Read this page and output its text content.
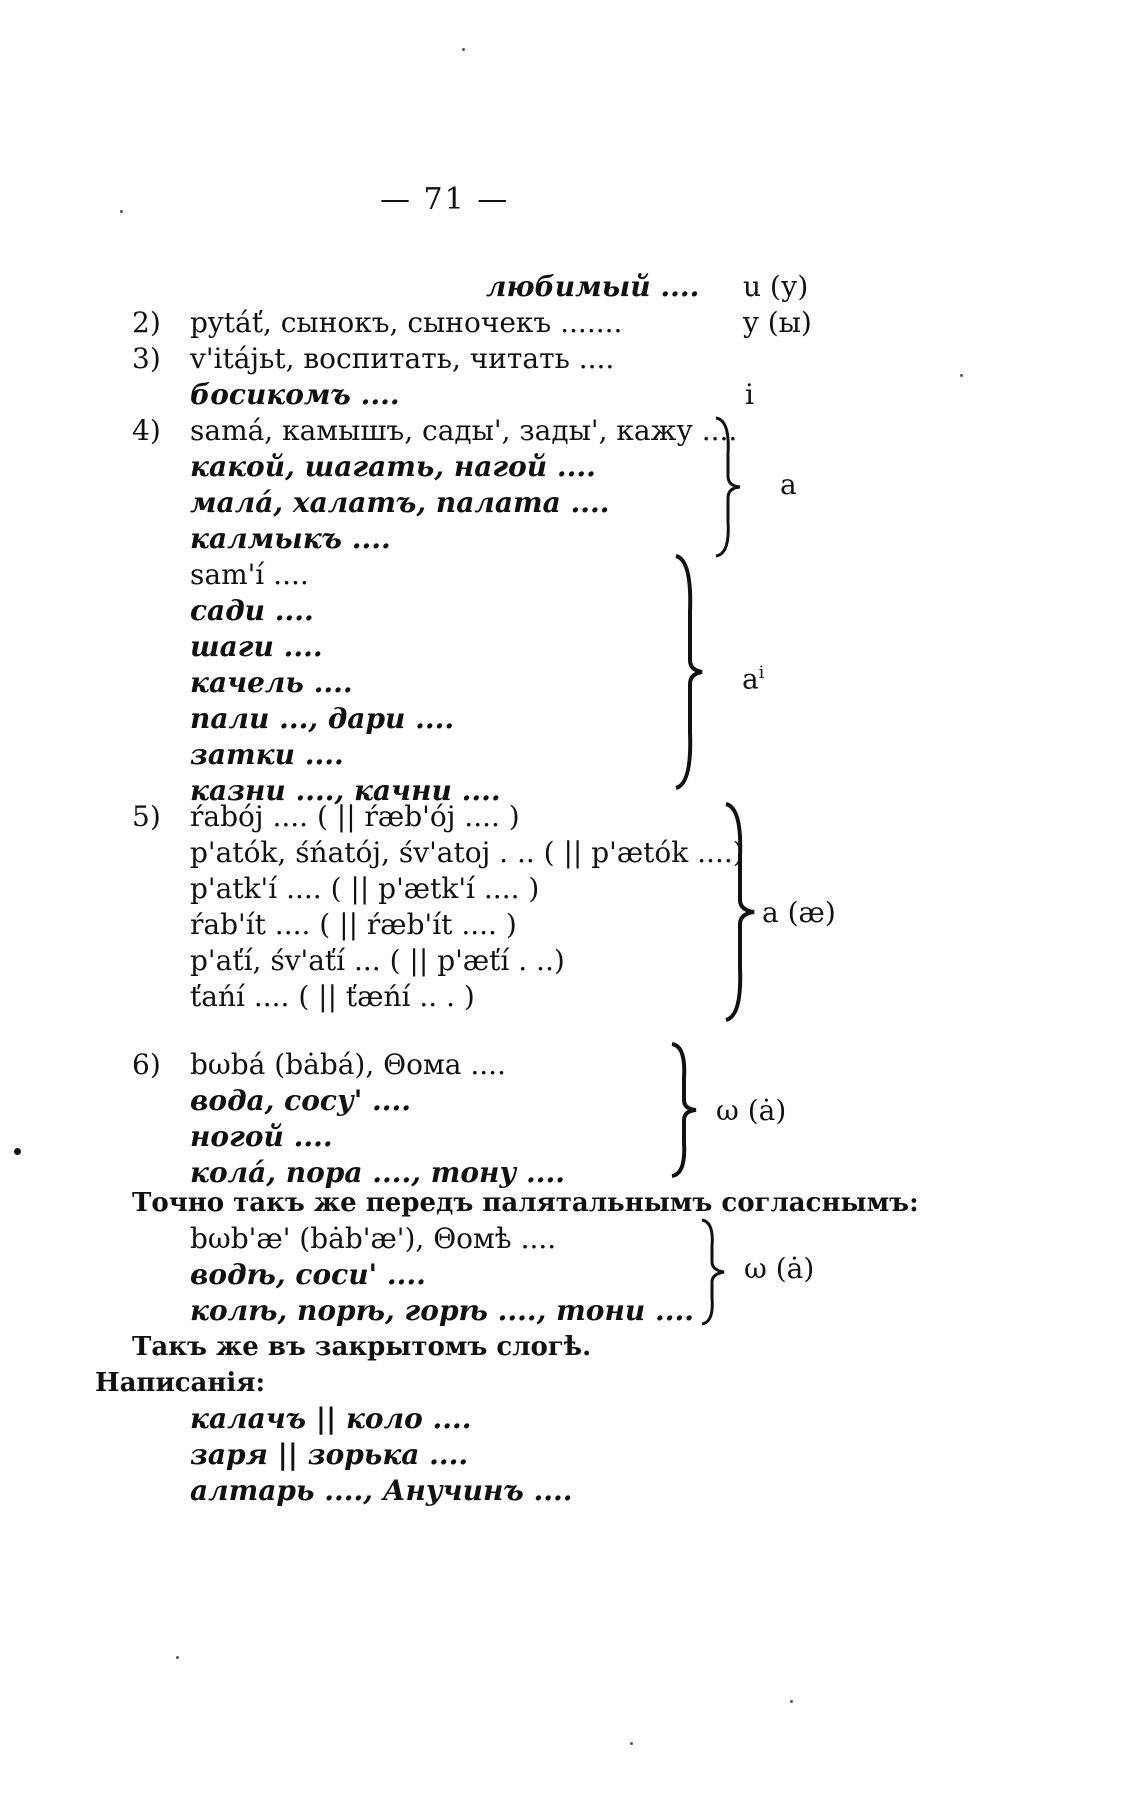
— 71 —
любимый .... u (у)
2) pytáť, сынокъ, сыночекъ .......	y (ы)
3) v'itájьt, воспитать, читать ....
босикомъ ....	i
4) samá, камышъ, сады', зады', кажу ....
какой, шагать, нагой ....
малá, халатъ, палата ....
калмыкъ ....
a
sam'í ....
сади ....
шаги ....
качель ....
пали ..., дари ....
затки ....
казни ...., качни ....
$a^i$
5) ŕabój .... ( || ŕæb'ój .... )
p'atók, śńatój, śv'atoj . .. ( || p'ætók ....)
p'atk'í .... ( || p'ætk'í .... )
ŕab'ít .... ( || ŕæb'ít .... )
p'aťí, śv'aťí ... ( || p'æťí . ..)
ťańí .... ( || ťæńí .. . )
a (æ)
6) bωbá (bȧbá), Θома ....
вода, сосу' ....
ногой ....
колá, пора ...., тону ....
ω (ȧ)
Точно такъ же передъ палятальнымъ согласнымъ:
bωb'æ' (bȧb'æ'), Θомѣ ....
водѣ, соси' ....
колѣ, порѣ, горѣ ...., тони ....
ω (ȧ)
Такъ же въ закрытомъ слогѣ.
Написанія:
калачъ || коло ....
заря || зорька ....
алтарь ...., Анучинъ ....
